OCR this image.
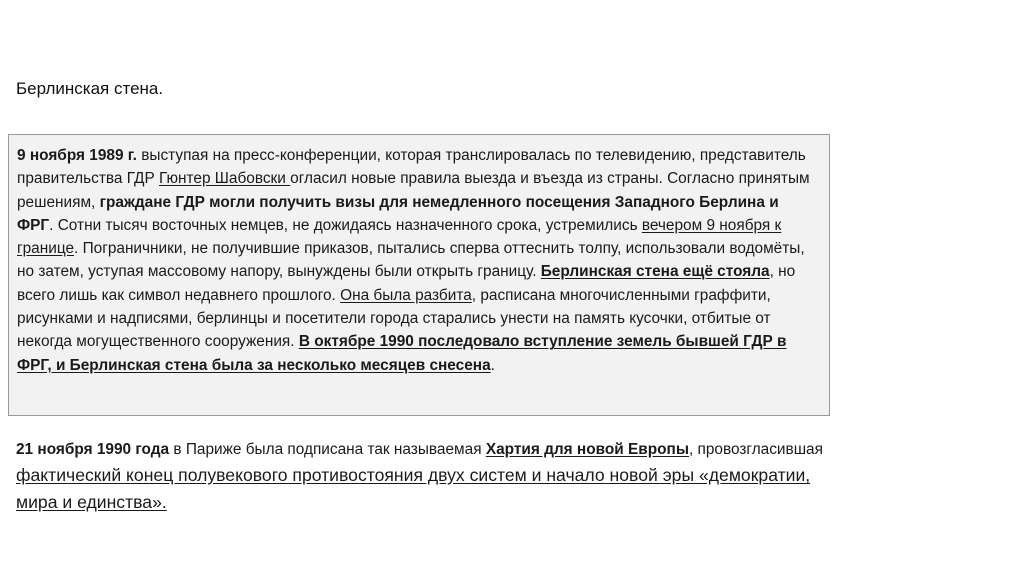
Берлинская стена.

9 ноября 1989 г. выступая на пресс-конференции, которая транслировалась по телевидению, представитель правительства ГДР Гюнтер Шабовски огласил новые правила выезда и въезда из страны. Согласно принятым решениям, граждане ГДР могли получить визы для немедленного посещения Западного Берлина и ФРГ. Сотни тысяч восточных немцев, не дожидаясь назначенного срока, устремились вечером 9 ноября к границе. Пограничники, не получившие приказов, пытались сперва оттеснить толпу, использовали водомёты, но затем, уступая массовому напору, вынуждены были открыть границу. Берлинская стена ещё стояла, но всего лишь как символ недавнего прошлого. Она была разбита, расписана многочисленными граффити, рисунками и надписями, берлинцы и посетители города старались унести на память кусочки, отбитые от некогда могущественного сооружения. В октябре 1990 последовало вступление земель бывшей ГДР в ФРГ, и Берлинская стена была за несколько месяцев снесена.

21 ноября 1990 года в Париже была подписана так называемая Хартия для новой Европы, провозгласившая фактический конец полувекового противостояния двух систем и начало новой эры «демократии, мира и единства».
